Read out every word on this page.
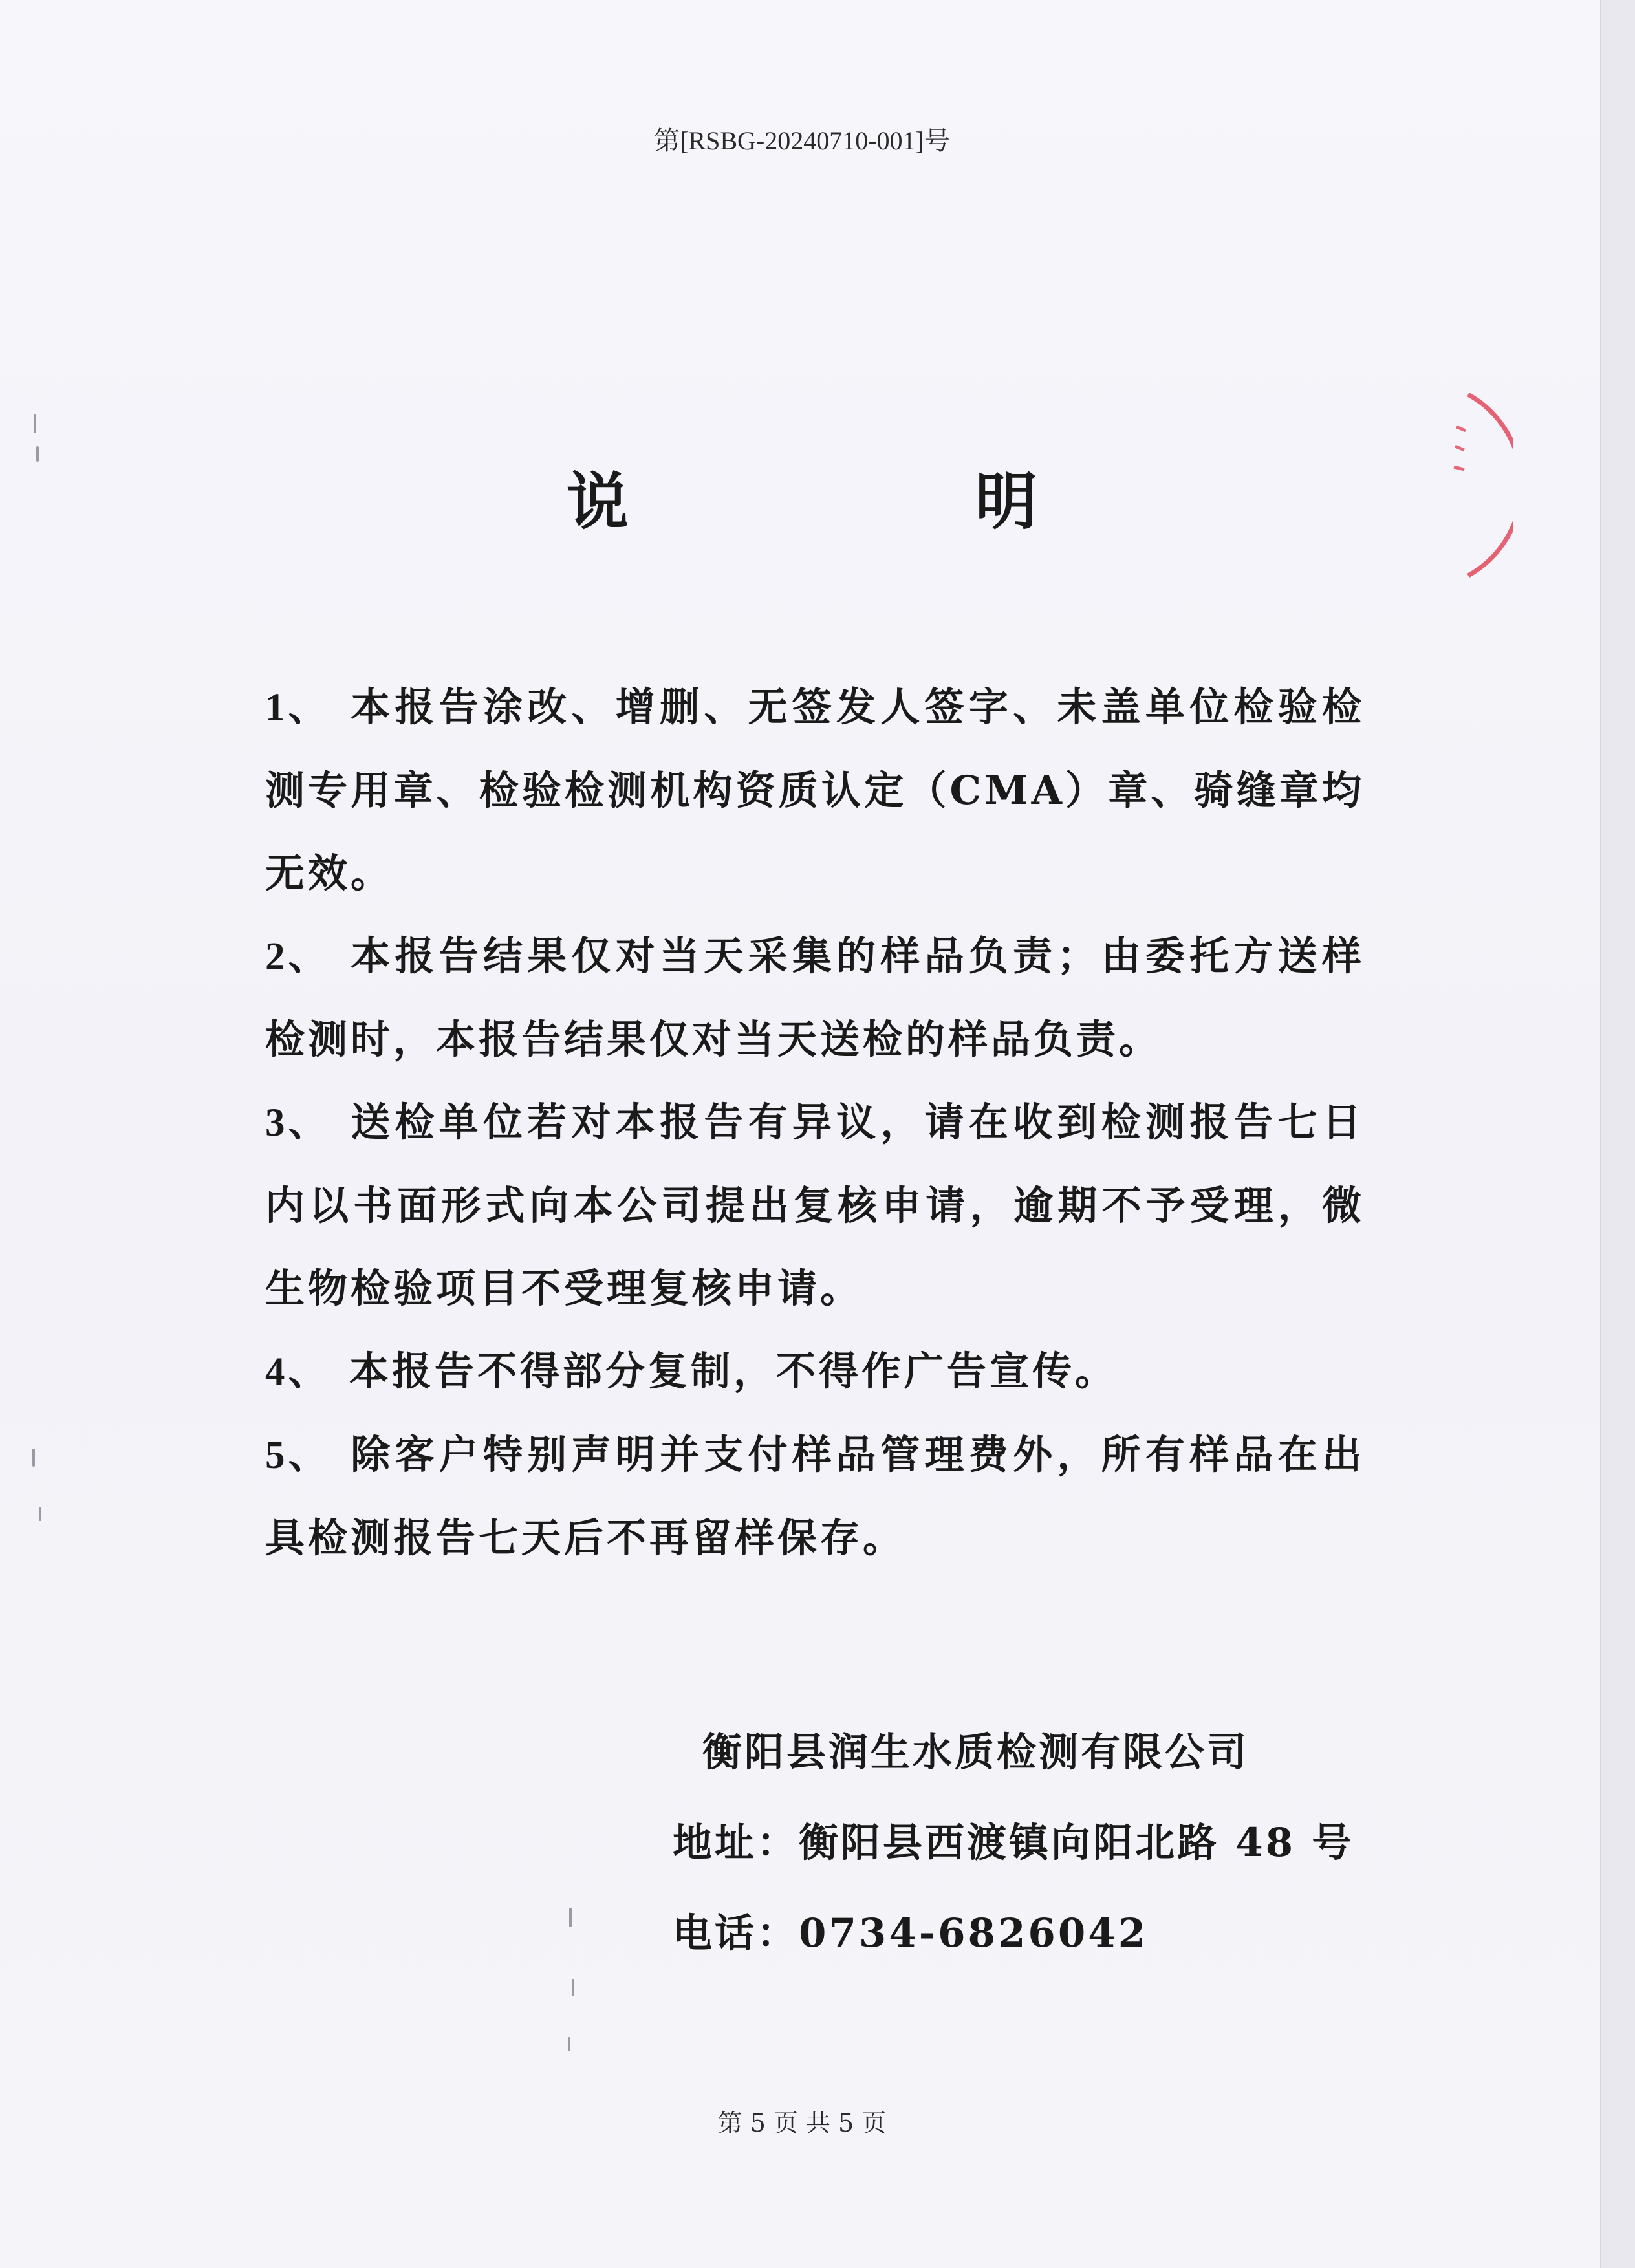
第[RSBG-20240710-001]号
说　明

1、 本报告涂改、增删、无签发人签字、未盖单位检验检测专用章、检验检测机构资质认定（CMA）章、骑缝章均无效。

2、 本报告结果仅对当天采集的样品负责；由委托方送样检测时，本报告结果仅对当天送检的样品负责。

3、 送检单位若对本报告有异议，请在收到检测报告七日内以书面形式向本公司提出复核申请，逾期不予受理，微生物检验项目不受理复核申请。

4、 本报告不得部分复制，不得作广告宣传。

5、 除客户特别声明并支付样品管理费外，所有样品在出具检测报告七天后不再留样保存。

衡阳县润生水质检测有限公司
地址：衡阳县西渡镇向阳北路 48 号
电话：0734-6826042
第 5 页 共 5 页
